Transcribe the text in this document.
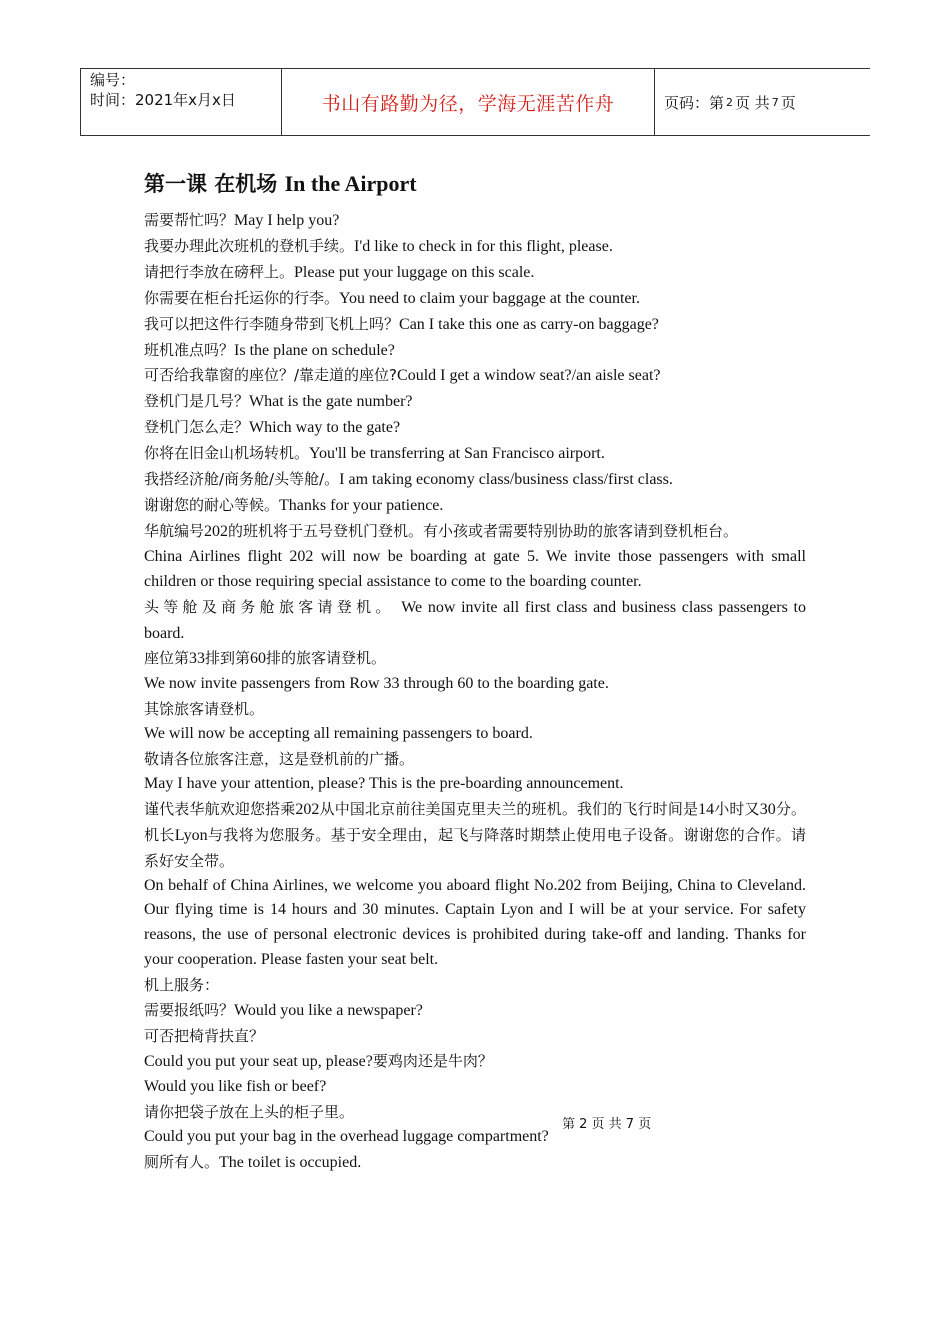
编号：
时间：2021年x月x日	书山有路勤为径，学海无涯苦作舟	页码：第 2 页 共 7 页
第一课 在机场 In the Airport
需要帮忙吗？May I help you?
我要办理此次班机的登机手续。I'd like to check in for this flight, please.
请把行李放在磅秤上。Please put your luggage on this scale.
你需要在柜台托运你的行李。You need to claim your baggage at the counter.
我可以把这件行李随身带到飞机上吗？Can I take this one as carry-on baggage?
班机准点吗？Is the plane on schedule?
可否给我靠窗的座位？/靠走道的座位?Could I get a window seat?/an aisle seat?
登机门是几号？What is the gate number?
登机门怎么走？Which way to the gate?
你将在旧金山机场转机。You'll be transferring at San Francisco airport.
我搭经济舱/商务舱/头等舱/。I am taking economy class/business class/first class.
谢谢您的耐心等候。Thanks for your patience.
华航编号202的班机将于五号登机门登机。有小孩或者需要特别协助的旅客请到登机柜台。
China Airlines flight 202 will now be boarding at gate 5. We invite those passengers with small children or those requiring special assistance to come to the boarding counter.
头等舱及商务舱旅客请登机。 We now invite all first class and business class passengers to board.
座位第33排到第60排的旅客请登机。
We now invite passengers from Row 33 through 60 to the boarding gate.
其馀旅客请登机。
We will now be accepting all remaining passengers to board.
敬请各位旅客注意，这是登机前的广播。
May I have your attention, please? This is the pre-boarding announcement.
谨代表华航欢迎您搭乘202从中国北京前往美国克里夫兰的班机。我们的飞行时间是14小时又30分。机长Lyon与我将为您服务。基于安全理由，起飞与降落时期禁止使用电子设备。谢谢您的合作。请系好安全带。
On behalf of China Airlines, we welcome you aboard flight No.202 from Beijing, China to Cleveland. Our flying time is 14 hours and 30 minutes. Captain Lyon and I will be at your service. For safety reasons, the use of personal electronic devices is prohibited during take-off and landing. Thanks for your cooperation. Please fasten your seat belt.
机上服务：
需要报纸吗？Would you like a newspaper?
可否把椅背扶直？
Could you put your seat up, please?要鸡肉还是牛肉？
Would you like fish or beef?
请你把袋子放在上头的柜子里。
Could you put your bag in the overhead luggage compartment?
厕所有人。The toilet is occupied.
第 2 页 共 7 页
